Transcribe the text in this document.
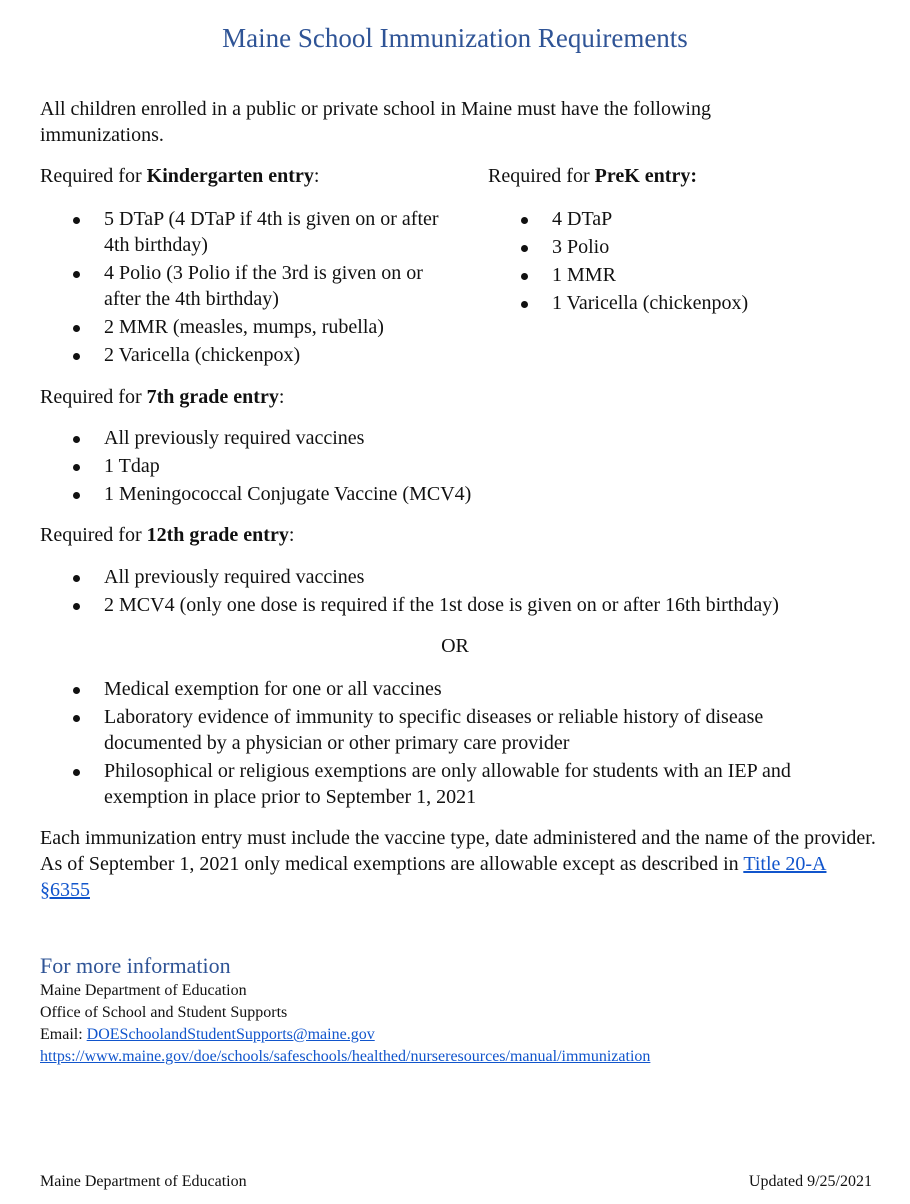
Maine School Immunization Requirements
All children enrolled in a public or private school in Maine must have the following immunizations.
Required for Kindergarten entry:
5 DTaP (4 DTaP if 4th is given on or after 4th birthday)
4 Polio (3 Polio if the 3rd is given on or after the 4th birthday)
2 MMR (measles, mumps, rubella)
2 Varicella (chickenpox)
Required for PreK entry:
4 DTaP
3 Polio
1 MMR
1 Varicella (chickenpox)
Required for 7th grade entry:
All previously required vaccines
1 Tdap
1 Meningococcal Conjugate Vaccine (MCV4)
Required for 12th grade entry:
All previously required vaccines
2 MCV4 (only one dose is required if the 1st dose is given on or after 16th birthday)
OR
Medical exemption for one or all vaccines
Laboratory evidence of immunity to specific diseases or reliable history of disease documented by a physician or other primary care provider
Philosophical or religious exemptions are only allowable for students with an IEP and exemption in place prior to September 1, 2021
Each immunization entry must include the vaccine type, date administered and the name of the provider. As of September 1, 2021 only medical exemptions are allowable except as described in Title 20-A §6355
For more information
Maine Department of Education
Office of School and Student Supports
Email: DOESchoolandStudentSupports@maine.gov
https://www.maine.gov/doe/schools/safeschools/healthed/nurseresources/manual/immunization
Maine Department of Education	Updated 9/25/2021
